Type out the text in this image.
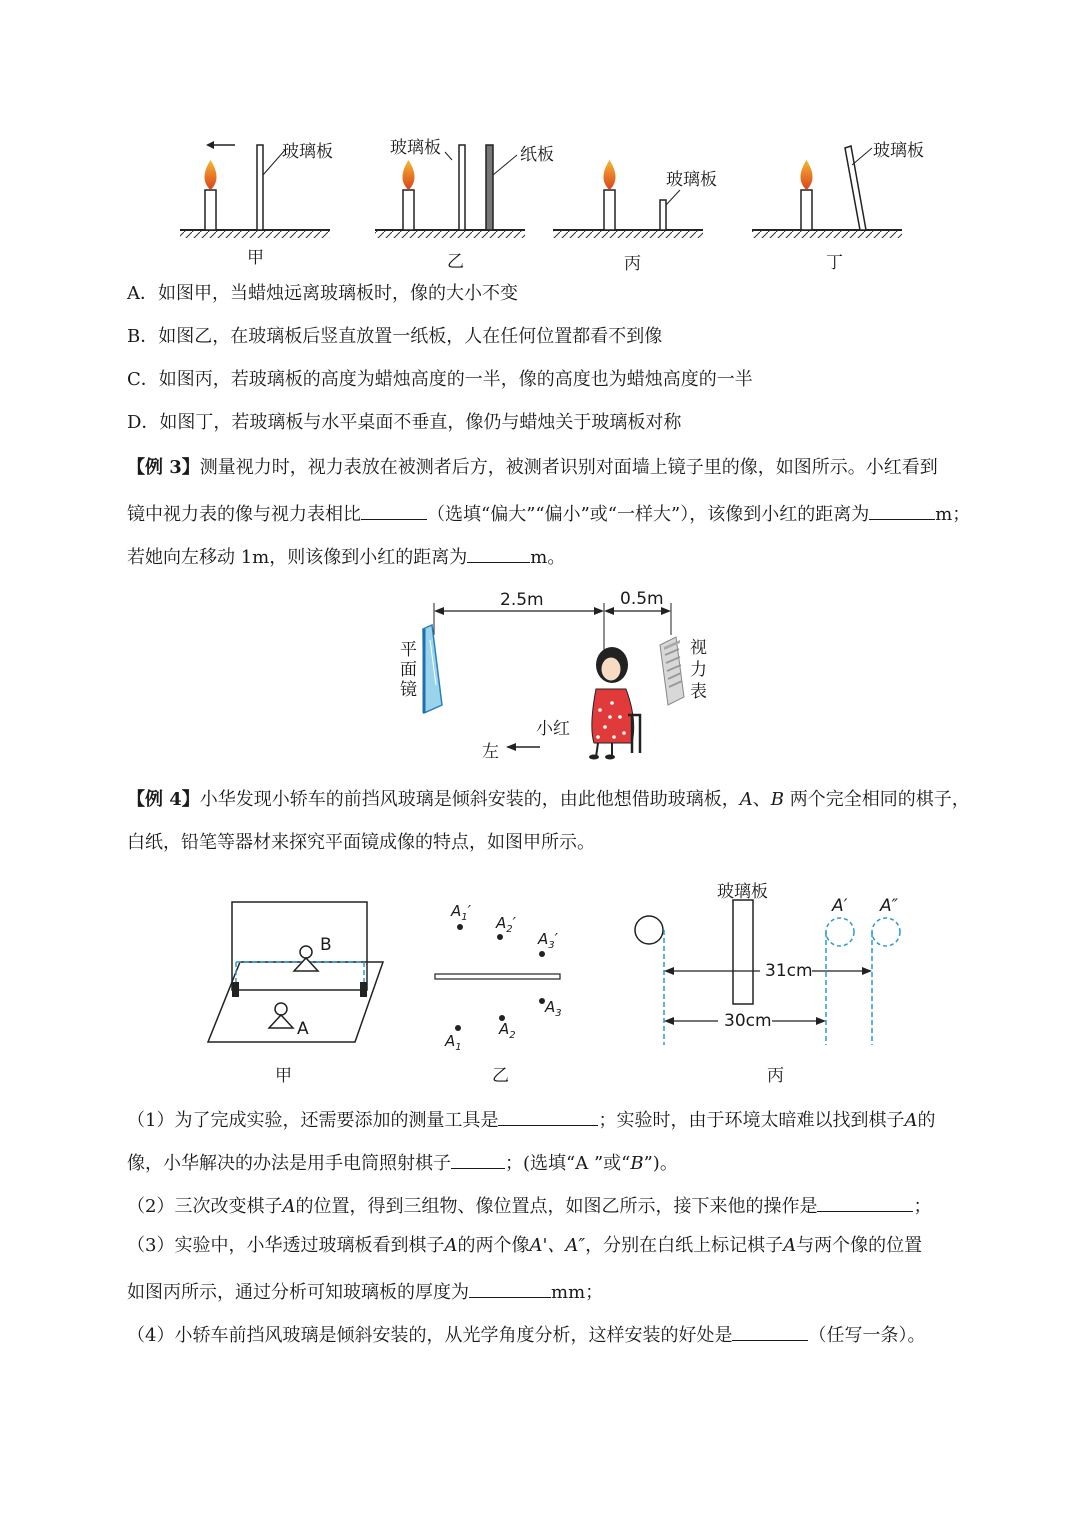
玻璃板	玻璃板	纸板
玻璃板
玻璃板
甲	乙	丙	丁
A．如图甲，当蜡烛远离玻璃板时，像的大小不变
B．如图乙，在玻璃板后竖直放置一纸板，人在任何位置都看不到像
C．如图丙，若玻璃板的高度为蜡烛高度的一半，像的高度也为蜡烛高度的一半
D．如图丁，若玻璃板与水平桌面不垂直，像仍与蜡烛关于玻璃板对称
【例 3】测量视力时，视力表放在被测者后方，被测者识别对面墙上镜子里的像，如图所示。小红看到
镜中视力表的像与视力表相比	（选填“偏大”“偏小”或“一样大”），该像到小红的距离为	m；
若她向左移动 1m，则该像到小红的距离为	m。
2.5m	0.5m
平
面
镜
视
力
表
小红
左
【例 4】小华发现小轿车的前挡风玻璃是倾斜安装的，由此他想借助玻璃板，A、B 两个完全相同的棋子，
白纸，铅笔等器材来探究平面镜成像的特点，如图甲所示。
B
A
$A_1'$
$A_2'$
$A_3'$
$A_3$
$A_2$
$A_1$
玻璃板
A′ A″
31cm
30cm
甲	乙	丙
（1）为了完成实验，还需要添加的测量工具是	；实验时，由于环境太暗难以找到棋子A的
像，小华解决的办法是用手电筒照射棋子	；(选填“A ”或“B”)。
（2）三次改变棋子A的位置，得到三组物、像位置点，如图乙所示，接下来他的操作是	；
（3）实验中，小华透过玻璃板看到棋子A的两个像A'、A″，分别在白纸上标记棋子A与两个像的位置
如图丙所示，通过分析可知玻璃板的厚度为	mm；
（4）小轿车前挡风玻璃是倾斜安装的，从光学角度分析，这样安装的好处是	（任写一条）。
